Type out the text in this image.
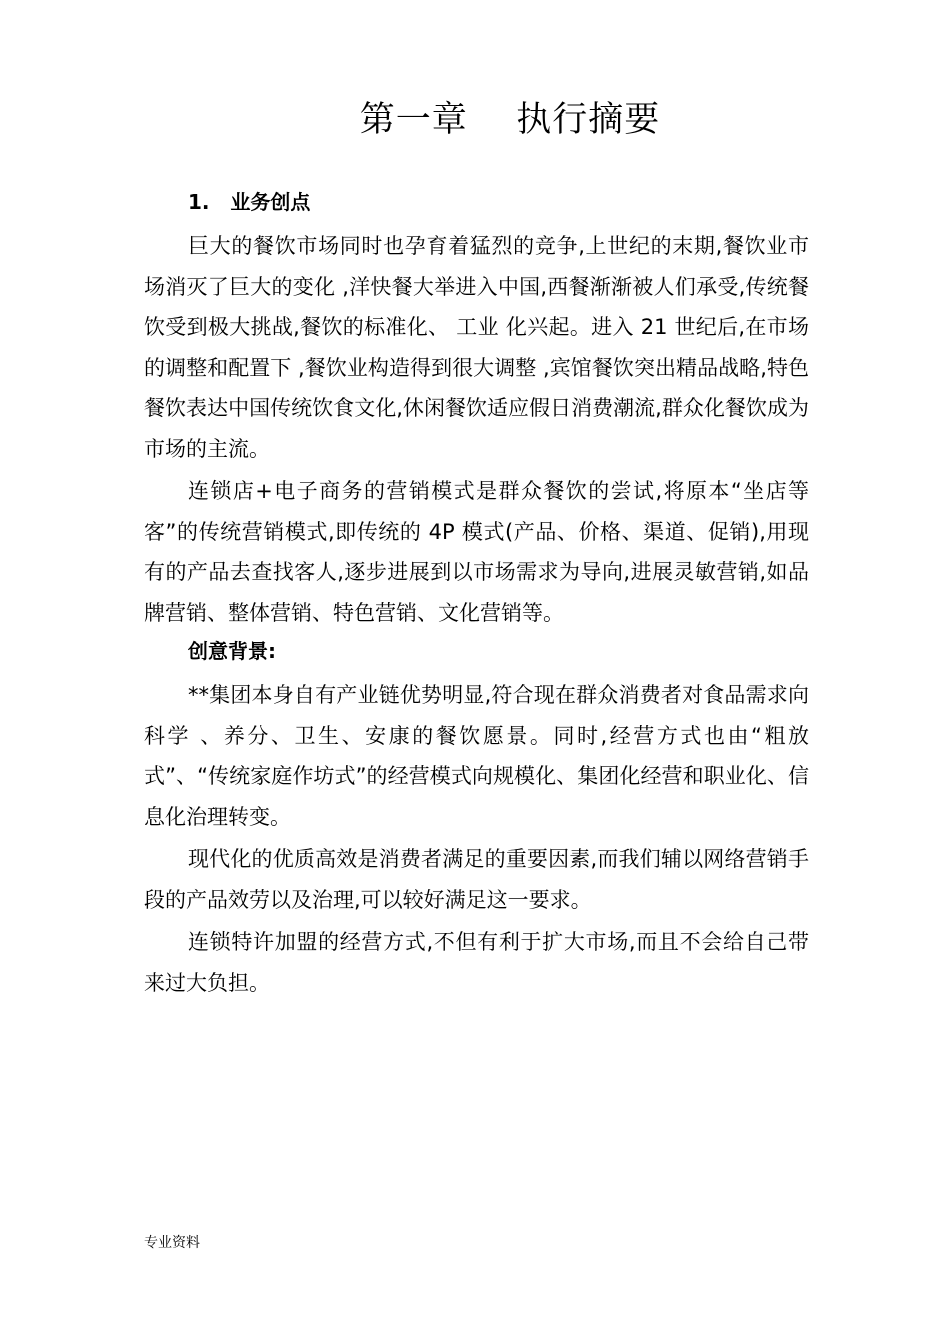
第一章    执行摘要
1.   业务创点

巨大的餐饮市场同时也孕育着猛烈的竞争,上世纪的末期,餐饮业市场消灭了巨大的变化 ,洋快餐大举进入中国,西餐渐渐被人们承受,传统餐饮受到极大挑战,餐饮的标准化、 工业 化兴起。进入 21 世纪后,在市场的调整和配置下 ,餐饮业构造得到很大调整 ,宾馆餐饮突出精品战略,特色餐饮表达中国传统饮食文化,休闲餐饮适应假日消费潮流,群众化餐饮成为市场的主流。

连锁店+电子商务的营销模式是群众餐饮的尝试,将原本“坐店等客”的传统营销模式,即传统的 4P 模式(产品、价格、渠道、促销),用现有的产品去查找客人,逐步进展到以市场需求为导向,进展灵敏营销,如品牌营销、整体营销、特色营销、文化营销等。

创意背景:

**集团本身自有产业链优势明显,符合现在群众消费者对食品需求向科学 、养分、卫生、安康的餐饮愿景。同时,经营方式也由“粗放式”、“传统家庭作坊式”的经营模式向规模化、集团化经营和职业化、信息化治理转变。

现代化的优质高效是消费者满足的重要因素,而我们辅以网络营销手段的产品效劳以及治理,可以较好满足这一要求。

连锁特许加盟的经营方式,不但有利于扩大市场,而且不会给自己带来过大负担。

专业资料
